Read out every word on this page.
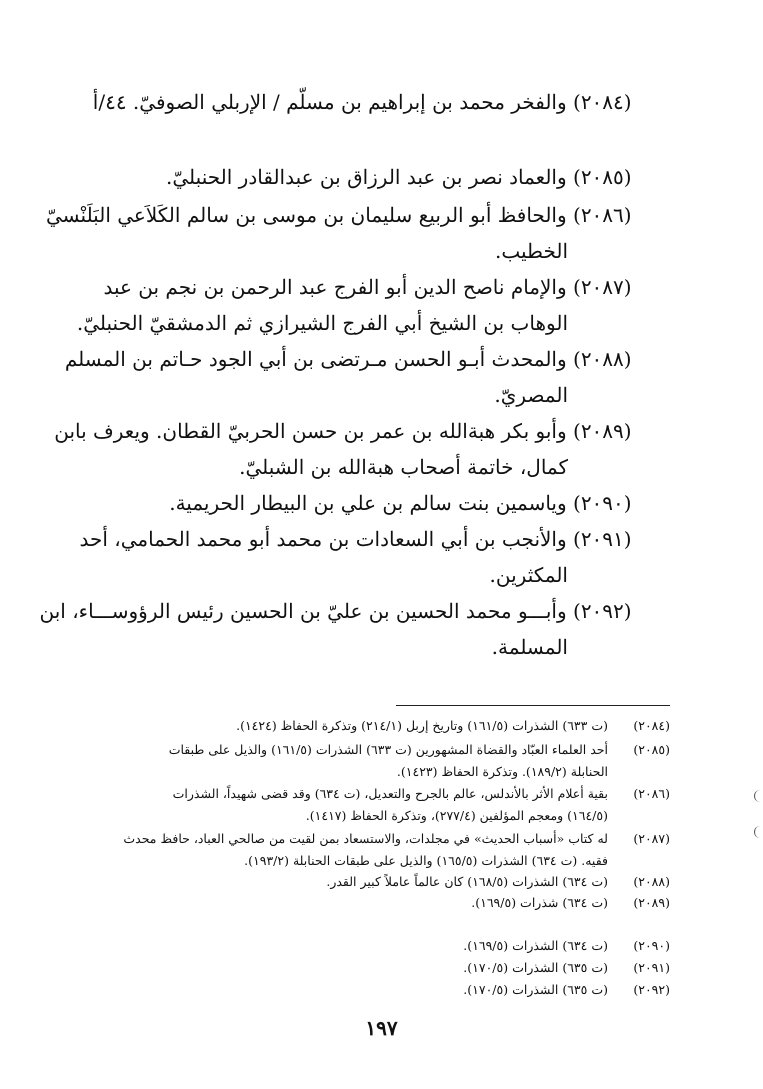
(٢٠٨٤) والفخر محمد بن إبراهيم بن مسلّم / الإربلي الصوفيّ. ٤٤/أ
(٢٠٨٥) والعماد نصر بن عبد الرزاق بن عبدالقادر الحنبليّ.
(٢٠٨٦) والحافظ أبو الربيع سليمان بن موسى بن سالم الكَلاَعي البَلَنْسيّ
الخطيب.
(٢٠٨٧) والإمام ناصح الدين أبو الفرج عبد الرحمن بن نجم بن عبد
الوهاب بن الشيخ أبي الفرج الشيرازي ثم الدمشقيّ الحنبليّ.
(٢٠٨٨) والمحدث أبـو الحسن مـرتضى بن أبي الجود حـاتم بن المسلم
المصريّ.
(٢٠٨٩) وأبو بكر هبةالله بن عمر بن حسن الحربيّ القطان. ويعرف بابن
كمال، خاتمة أصحاب هبةالله بن الشبليّ.
(٢٠٩٠) وياسمين بنت سالم بن علي بن البيطار الحريمية.
(٢٠٩١) والأنجب بن أبي السعادات بن محمد أبو محمد الحمامي، أحد
المكثرين.
(٢٠٩٢) وأبـــو محمد الحسين بن عليّ بن الحسين رئيس الرؤوســـاء، ابن
المسلمة.
(٢٠٨٤)(ت ٦٣٣) الشذرات (١٦١/٥) وتاريخ إربل (٢١٤/١) وتذكرة الحفاظ (١٤٢٤).
(٢٠٨٥)أحد العلماء العبّاد والقضاة المشهورين (ت ٦٣٣) الشذرات (١٦١/٥) والذيل على طبقات
الحنابلة (١٨٩/٢). وتذكرة الحفاظ (١٤٢٣).
(٢٠٨٦)بقية أعلام الأثر بالأندلس، عالم بالجرح والتعديل، (ت ٦٣٤) وقد قضى شهيداً، الشذرات
(١٦٤/٥) ومعجم المؤلفين (٢٧٧/٤)، وتذكرة الحفاظ (١٤١٧).
(٢٠٨٧)له كتاب «أسباب الحديث» في مجلدات، والاستسعاد بمن لقيت من صالحي العباد، حافظ محدث
فقيه. (ت ٦٣٤) الشذرات (١٦٥/٥) والذيل على طبقات الحنابلة (١٩٣/٢).
(٢٠٨٨)(ت ٦٣٤) الشذرات (١٦٨/٥) كان عالماً عاملاً كبير القدر.
(٢٠٨٩)(ت ٦٣٤) شذرات (١٦٩/٥).
(٢٠٩٠)(ت ٦٣٤) الشذرات (١٦٩/٥).
(٢٠٩١)(ت ٦٣٥) الشذرات (١٧٠/٥).
(٢٠٩٢)(ت ٦٣٥) الشذرات (١٧٠/٥).
١٩٧
